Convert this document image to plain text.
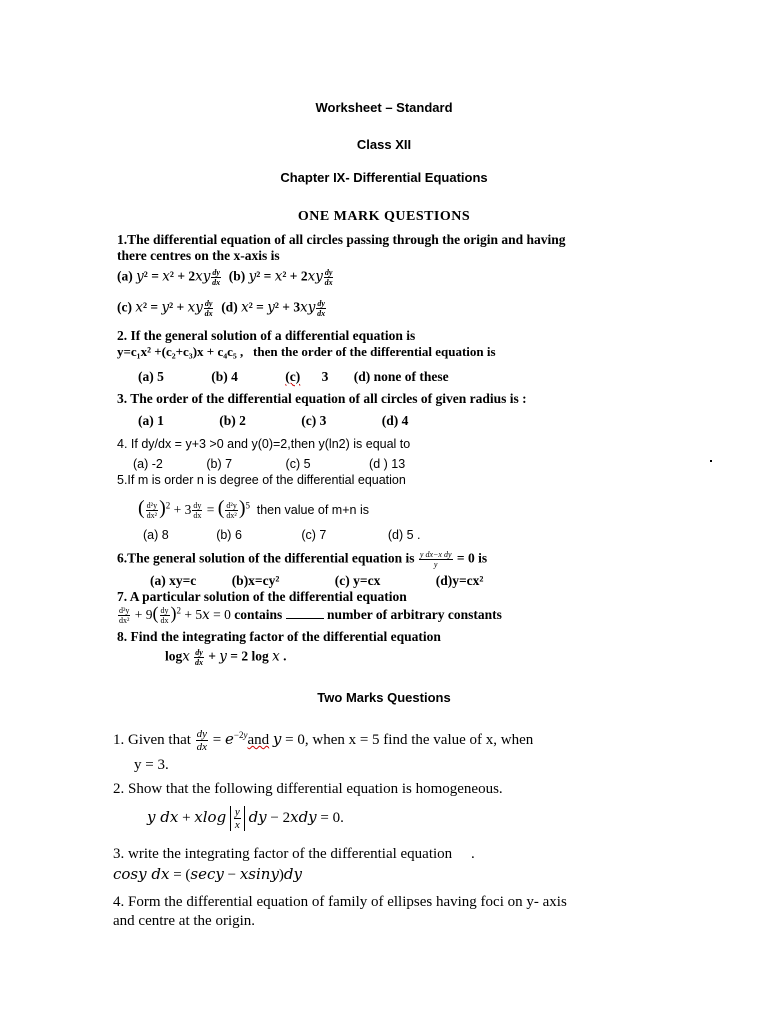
Worksheet – Standard
Class XII
Chapter IX- Differential Equations
ONE MARK QUESTIONS
1.The differential equation of all circles passing through the origin and having
there centres on the x-axis is
(a) $y^2 = x^2 + 2xy \frac{dy}{dx} (b) y^2 = x^2 + 2xy \frac{dy}{dx}$
(c) x² = y² + xy $\frac{dy}{dx} (d) x^2 = y^2 + 3xy \frac{dy}{dx}$
2. If the general solution of a differential equation is
y=c₁x² +(c₂+c₃)x + c₄c₅ , then the order of the differential equation is
(a) 5	(b) 4	(c) 3 (d) none of these
3. The order of the differential equation of all circles of given radius is :
(a) 1	(b) 2	(c) 3	(d) 4
4. If dy/dx = y+3 >0 and y(0)=2,then y(ln2) is equal to
(a) -2	(b) 7	(c) 5	(d ) 13
5.If m is order n is degree of the differential equation
( $\frac{\text{d²y}}{\text{dx²}} )^2 + 3 \frac{dy}{dx}$ = ( $\frac{\text{d²y}}{\text{dx²}} )^5$ then value of m+n is
(a) 8	(b) 6	(c) 7	(d) 5 .
6.The general solution of the differential equation is $\frac{\text{y dx−x dy}}{y} = 0$ is
(a) xy=c	(b)x=cy²	(c) y=cx	(d)y=cx²
7. A particular solution of the differential equation
$\frac{\text{d²y}}{\text{dx²}} + 9( \frac{dy}{dx} )^2 + 5x = 0$ contains	number of arbitrary constants
8. Find the integrating factor of the differential equation
logx $\frac{dy}{dx} + y = 2$ log x .
Two Marks Questions
1. Given that $\frac{dy}{dx} = e^{-2y}and$ y = 0, when x = 5 find the value of x, when
y = 3.
2. Show that the following differential equation is homogeneous.
y dx + xlog $\frac{y}{x}$ dy − 2xdy = 0.
3. write the integrating factor of the differential equation     .
cosy dx = (secy − xsiny)dy
4. Form the differential equation of family of ellipses having foci on y- axis
and centre at the origin.
